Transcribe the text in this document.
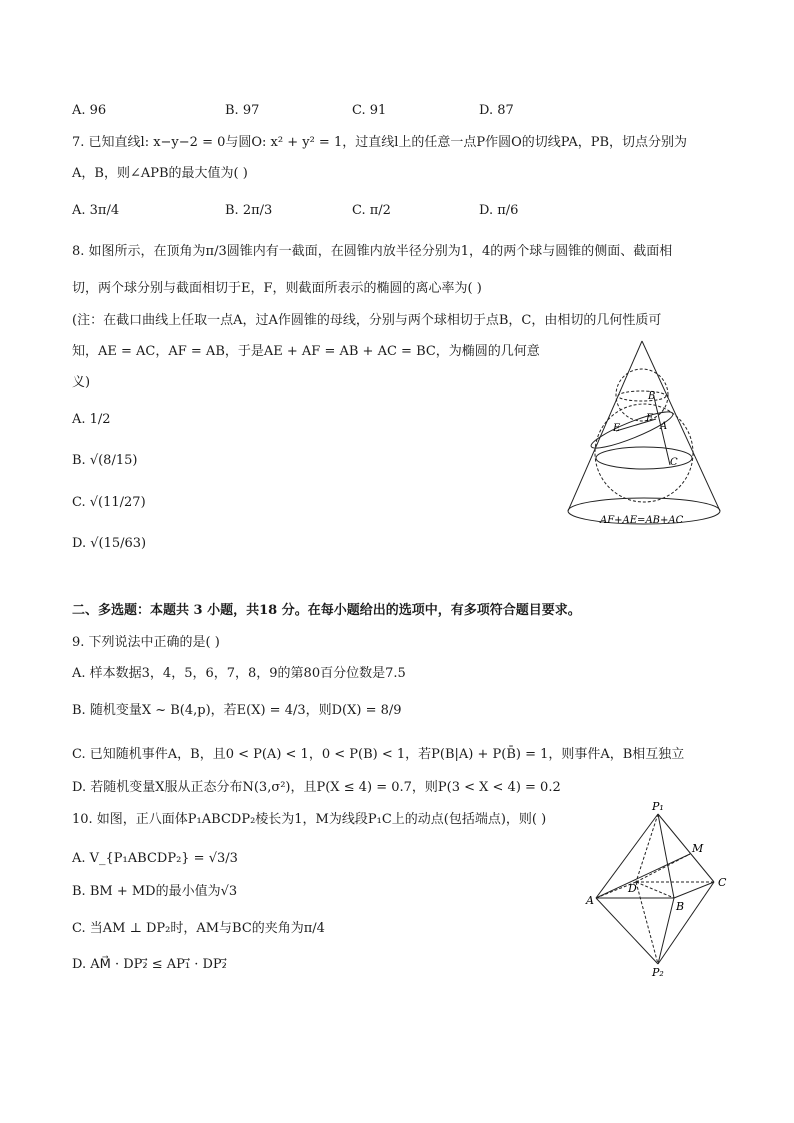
A. 96	B. 97	C. 91	D. 87
7. 已知直线l: x−y−2 = 0与圆O: x² + y² = 1，过直线l上的任意一点P作圆O的切线PA，PB，切点分别为
A，B，则∠APB的最大值为( )
A. 3π/4	B. 2π/3	C. π/2	D. π/6
8. 如图所示，在顶角为π/3圆锥内有一截面，在圆锥内放半径分别为1，4的两个球与圆锥的侧面、截面相
切，两个球分别与截面相切于E，F，则截面所表示的椭圆的离心率为( )
(注：在截口曲线上任取一点A，过A作圆锥的母线，分别与两个球相切于点B，C，由相切的几何性质可
知，AE = AC，AF = AB，于是AE + AF = AB + AC = BC，为椭圆的几何意
义)
A. 1/2
B. √(8/15)
C. √(11/27)
D. √(15/63)
B
F
E	A
C
AF+AE=AB+AC
二、多选题：本题共 3 小题，共18 分。在每小题给出的选项中，有多项符合题目要求。
9. 下列说法中正确的是( )
A. 样本数据3，4，5，6，7，8，9的第80百分位数是7.5
B. 随机变量X ~ B(4,p)，若E(X) = 4/3，则D(X) = 8/9
C. 已知随机事件A，B，且0 < P(A) < 1，0 < P(B) < 1，若P(B|A) + P(B̄) = 1，则事件A，B相互独立
D. 若随机变量X服从正态分布N(3,σ²)，且P(X ≤ 4) = 0.7，则P(3 < X < 4) = 0.2
10. 如图，正八面体P₁ABCDP₂棱长为1，M为线段P₁C上的动点(包括端点)，则( )
A. V_{P₁ABCDP₂} = √3/3
B. BM + MD的最小值为√3
C. 当AM ⊥ DP₂时，AM与BC的夹角为π/4
D. AM⃗ · DP₂⃗ ≤ AP₁⃗ · DP₂⃗
P₁
M
C
D
A	B
P₂
